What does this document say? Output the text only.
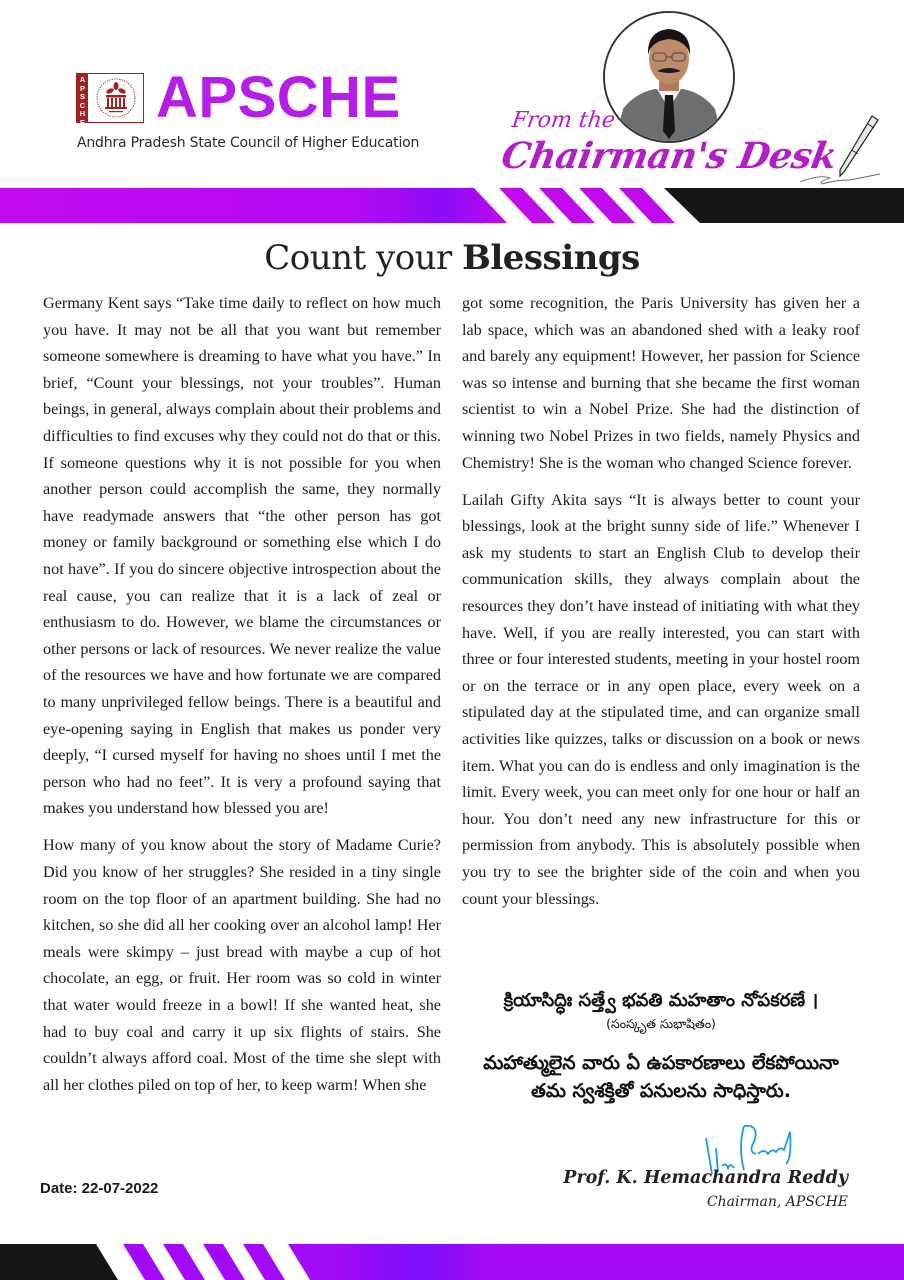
A
P
S
C
H
E APSCHE
Andhra Pradesh State Council of Higher Education
From the
Chairman's Desk
Count your Blessings

Germany Kent says “Take time daily to reflect on how much you have. It may not be all that you want but remember someone somewhere is dreaming to have what you have.” In brief, “Count your blessings, not your troubles”. Human beings, in general, always complain about their problems and difficulties to find excuses why they could not do that or this. If someone questions why it is not possible for you when another person could accomplish the same, they normally have readymade answers that “the other person has got money or family background or something else which I do not have”. If you do sincere objective introspection about the real cause, you can realize that it is a lack of zeal or enthusiasm to do. However, we blame the circumstances or other persons or lack of resources. We never realize the value of the resources we have and how fortunate we are compared to many unprivileged fellow beings. There is a beautiful and eye-opening saying in English that makes us ponder very deeply, “I cursed myself for having no shoes until I met the person who had no feet”. It is very a profound saying that makes you understand how blessed you are!

How many of you know about the story of Madame Curie? Did you know of her struggles? She resided in a tiny single room on the top floor of an apartment building. She had no kitchen, so she did all her cooking over an alcohol lamp! Her meals were skimpy – just bread with maybe a cup of hot chocolate, an egg, or fruit. Her room was so cold in winter that water would freeze in a bowl! If she wanted heat, she had to buy coal and carry it up six flights of stairs. She couldn’t always afford coal. Most of the time she slept with all her clothes piled on top of her, to keep warm! When she

got some recognition, the Paris University has given her a lab space, which was an abandoned shed with a leaky roof and barely any equipment! However, her passion for Science was so intense and burning that she became the first woman scientist to win a Nobel Prize. She had the distinction of winning two Nobel Prizes in two fields, namely Physics and Chemistry! She is the woman who changed Science forever.

Lailah Gifty Akita says “It is always better to count your blessings, look at the bright sunny side of life.” Whenever I ask my students to start an English Club to develop their communication skills, they always complain about the resources they don’t have instead of initiating with what they have. Well, if you are really interested, you can start with three or four interested students, meeting in your hostel room or on the terrace or in any open place, every week on a stipulated day at the stipulated time, and can organize small activities like quizzes, talks or discussion on a book or news item. What you can do is endless and only imagination is the limit. Every week, you can meet only for one hour or half an hour. You don’t need any new infrastructure for this or permission from anybody. This is absolutely possible when you try to see the brighter side of the coin and when you count your blessings.

క్రియాసిద్ధిః సత్త్వే భవతి మహతాం నోపకరణే ।
(సంస్కృత సుభాషితం)
మహాత్ములైన వారు ఏ ఉపకారణాలు లేకపోయినా
తమ స్వశక్తితో పనులను సాధిస్తారు.
Prof. K. Hemachandra Reddy
Chairman, APSCHE
Date: 22-07-2022
